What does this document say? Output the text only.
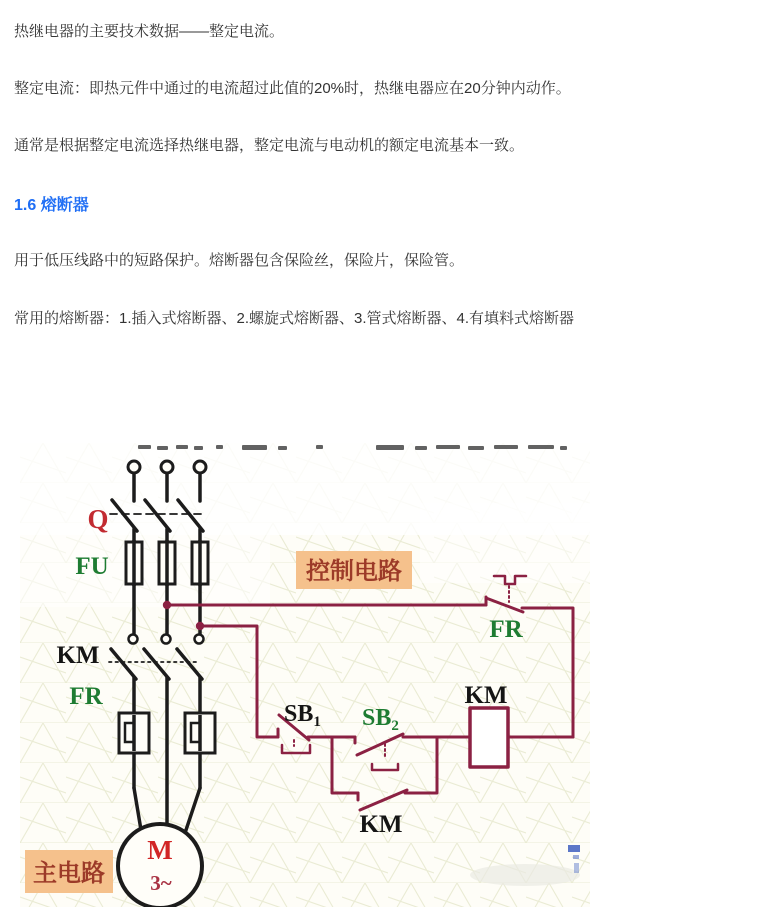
热继电器的主要技术数据——整定电流。

整定电流：即热元件中通过的电流超过此值的20%时，热继电器应在20分钟内动作。

通常是根据整定电流选择热继电器，整定电流与电动机的额定电流基本一致。

1.6 熔断器

用于低压线路中的短路保护。熔断器包含保险丝，保险片，保险管。

常用的熔断器：1.插入式熔断器、2.螺旋式熔断器、3.管式熔断器、4.有填料式熔断器

M
3~
Q
FU
KM
FR
FR
$SB_1$ $SB_2$
KM
KM
控制电路
主电路
